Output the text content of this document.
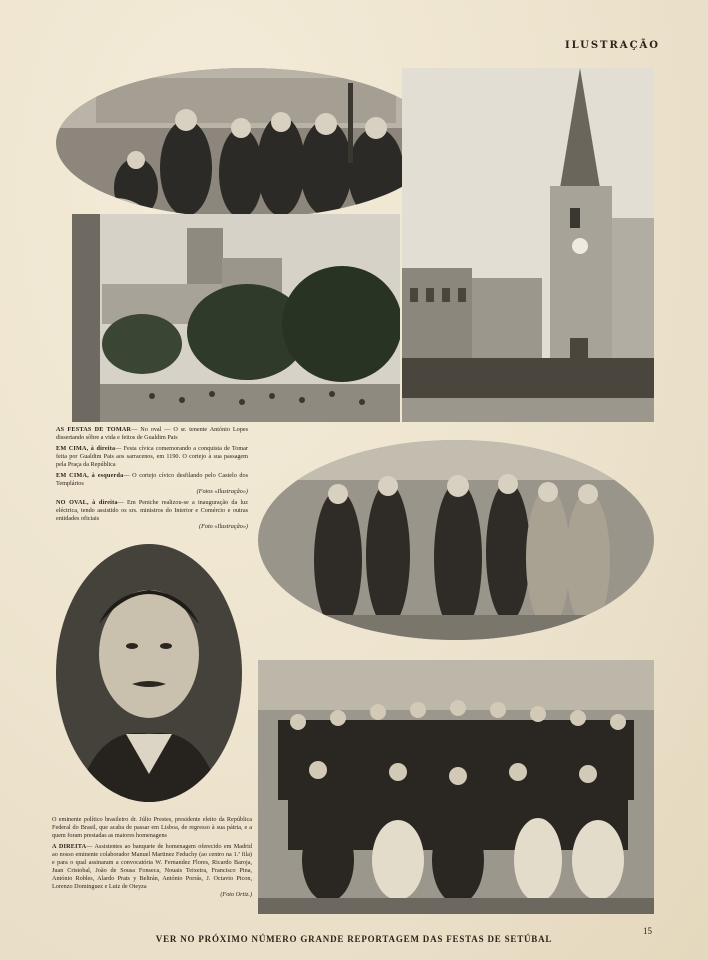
ILUSTRAÇÃO

AS FESTAS DE TOMAR— No oval — O sr. tenente António Lopes dissertando sôbre a vida e feitos de Gualdim Pais

EM CIMA, à direita— Festa cívica comemorando a conquista de Tomar feita por Gualdim Pais aos sarracenos, em 1190. O cortejo à sua passagem pela Praça da República

EM CIMA, à esquerda— O cortejo cívico desfilando pelo Castelo dos Templários
(Fotos «Ilustração»)

NO OVAL, à direita— Em Peniche realizou-se a inauguração da luz eléctrica, tendo assistido os srs. ministros do Interior e Comércio e outras entidades oficiais
(Foto «Ilustração»)

O eminente político brasileiro dr. Júlio Prestes, presidente eleito da República Federal do Brasil, que acaba de passar em Lisboa, de regresso à sua pátria, e a quem foram prestadas as maiores homenagens

A DIREITA— Assistentes ao banquete de homenagem oferecido em Madrid ao nosso eminente colaborador Manuel Martinez Feduchy (ao centro na 1.ª fila) e para o qual assinaram a convocatória W. Fernandez Flores, Ricardo Baroja, Juan Cristobal, João de Sousa Fonseca, Nouais Teixeira, Francisco Pina, António Robles, Alardo Prats y Beltrán, António Porrás, J. Octavio Picon, Lorenzo Dominguez e Luiz de Oteyza
(Foto Ortiz.)

15
VER NO PRÓXIMO NÚMERO GRANDE REPORTAGEM DAS FESTAS DE SETÚBAL
